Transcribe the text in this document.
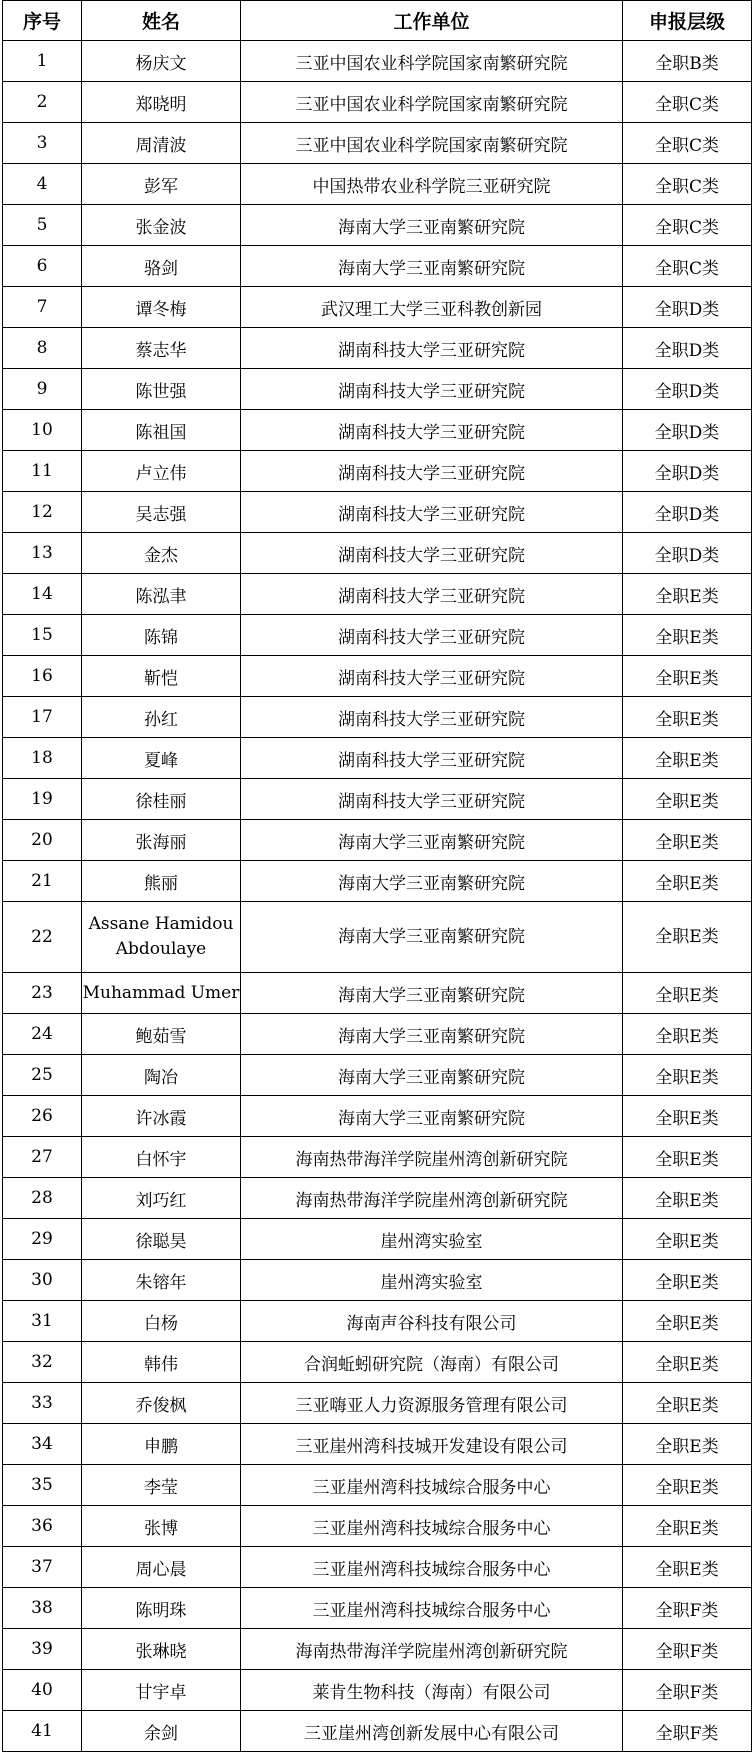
序号	姓名	工作单位	申报层级
1	杨庆文	三亚中国农业科学院国家南繁研究院	全职B类
2	郑晓明	三亚中国农业科学院国家南繁研究院	全职C类
3	周清波	三亚中国农业科学院国家南繁研究院	全职C类
4	彭军	中国热带农业科学院三亚研究院	全职C类
5	张金波	海南大学三亚南繁研究院	全职C类
6	骆剑	海南大学三亚南繁研究院	全职C类
7	谭冬梅	武汉理工大学三亚科教创新园	全职D类
8	蔡志华	湖南科技大学三亚研究院	全职D类
9	陈世强	湖南科技大学三亚研究院	全职D类
10	陈祖国	湖南科技大学三亚研究院	全职D类
11	卢立伟	湖南科技大学三亚研究院	全职D类
12	吴志强	湖南科技大学三亚研究院	全职D类
13	金杰	湖南科技大学三亚研究院	全职D类
14	陈泓聿	湖南科技大学三亚研究院	全职E类
15	陈锦	湖南科技大学三亚研究院	全职E类
16	靳恺	湖南科技大学三亚研究院	全职E类
17	孙红	湖南科技大学三亚研究院	全职E类
18	夏峰	湖南科技大学三亚研究院	全职E类
19	徐桂丽	湖南科技大学三亚研究院	全职E类
20	张海丽	海南大学三亚南繁研究院	全职E类
21	熊丽	海南大学三亚南繁研究院	全职E类
22	Assane Hamidou Abdoulaye	海南大学三亚南繁研究院	全职E类
23	Muhammad Umer	海南大学三亚南繁研究院	全职E类
24	鲍茹雪	海南大学三亚南繁研究院	全职E类
25	陶冶	海南大学三亚南繁研究院	全职E类
26	许冰霞	海南大学三亚南繁研究院	全职E类
27	白怀宇	海南热带海洋学院崖州湾创新研究院	全职E类
28	刘巧红	海南热带海洋学院崖州湾创新研究院	全职E类
29	徐聪昊	崖州湾实验室	全职E类
30	朱镕年	崖州湾实验室	全职E类
31	白杨	海南声谷科技有限公司	全职E类
32	韩伟	合润蚯蚓研究院（海南）有限公司	全职E类
33	乔俊枫	三亚嗨亚人力资源服务管理有限公司	全职E类
34	申鹏	三亚崖州湾科技城开发建设有限公司	全职E类
35	李莹	三亚崖州湾科技城综合服务中心	全职E类
36	张博	三亚崖州湾科技城综合服务中心	全职E类
37	周心晨	三亚崖州湾科技城综合服务中心	全职E类
38	陈明珠	三亚崖州湾科技城综合服务中心	全职F类
39	张琳晓	海南热带海洋学院崖州湾创新研究院	全职F类
40	甘宇卓	莱肯生物科技（海南）有限公司	全职F类
41	余剑	三亚崖州湾创新发展中心有限公司	全职F类
